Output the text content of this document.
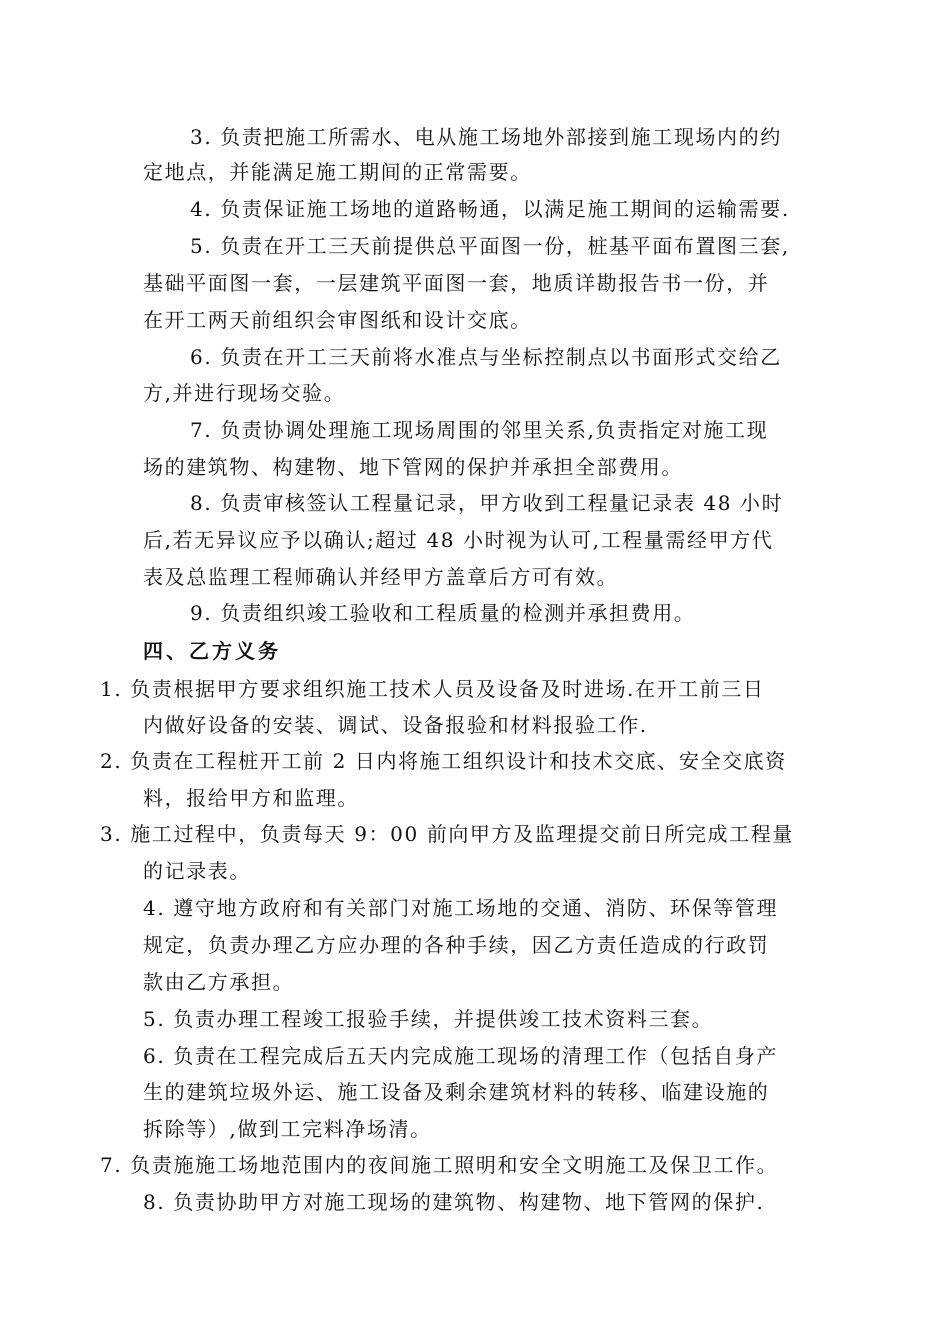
3. 负责把施工所需水、电从施工场地外部接到施工现场内的约
定地点，并能满足施工期间的正常需要。
4. 负责保证施工场地的道路畅通，以满足施工期间的运输需要.
5. 负责在开工三天前提供总平面图一份，桩基平面布置图三套,
基础平面图一套，一层建筑平面图一套，地质详勘报告书一份，并
在开工两天前组织会审图纸和设计交底。
6. 负责在开工三天前将水准点与坐标控制点以书面形式交给乙
方,并进行现场交验。
7. 负责协调处理施工现场周围的邻里关系,负责指定对施工现
场的建筑物、构建物、地下管网的保护并承担全部费用。
8. 负责审核签认工程量记录，甲方收到工程量记录表 48 小时
后,若无异议应予以确认;超过 48 小时视为认可,工程量需经甲方代
表及总监理工程师确认并经甲方盖章后方可有效。
9. 负责组织竣工验收和工程质量的检测并承担费用。
四、乙方义务
1. 负责根据甲方要求组织施工技术人员及设备及时进场.在开工前三日
内做好设备的安装、调试、设备报验和材料报验工作.
2. 负责在工程桩开工前 2 日内将施工组织设计和技术交底、安全交底资
料，报给甲方和监理。
3. 施工过程中，负责每天 9：00 前向甲方及监理提交前日所完成工程量
的记录表。
4. 遵守地方政府和有关部门对施工场地的交通、消防、环保等管理
规定，负责办理乙方应办理的各种手续，因乙方责任造成的行政罚
款由乙方承担。
5. 负责办理工程竣工报验手续，并提供竣工技术资料三套。
6. 负责在工程完成后五天内完成施工现场的清理工作（包括自身产
生的建筑垃圾外运、施工设备及剩余建筑材料的转移、临建设施的
拆除等）,做到工完料净场清。
7. 负责施施工场地范围内的夜间施工照明和安全文明施工及保卫工作。
8. 负责协助甲方对施工现场的建筑物、构建物、地下管网的保护.
